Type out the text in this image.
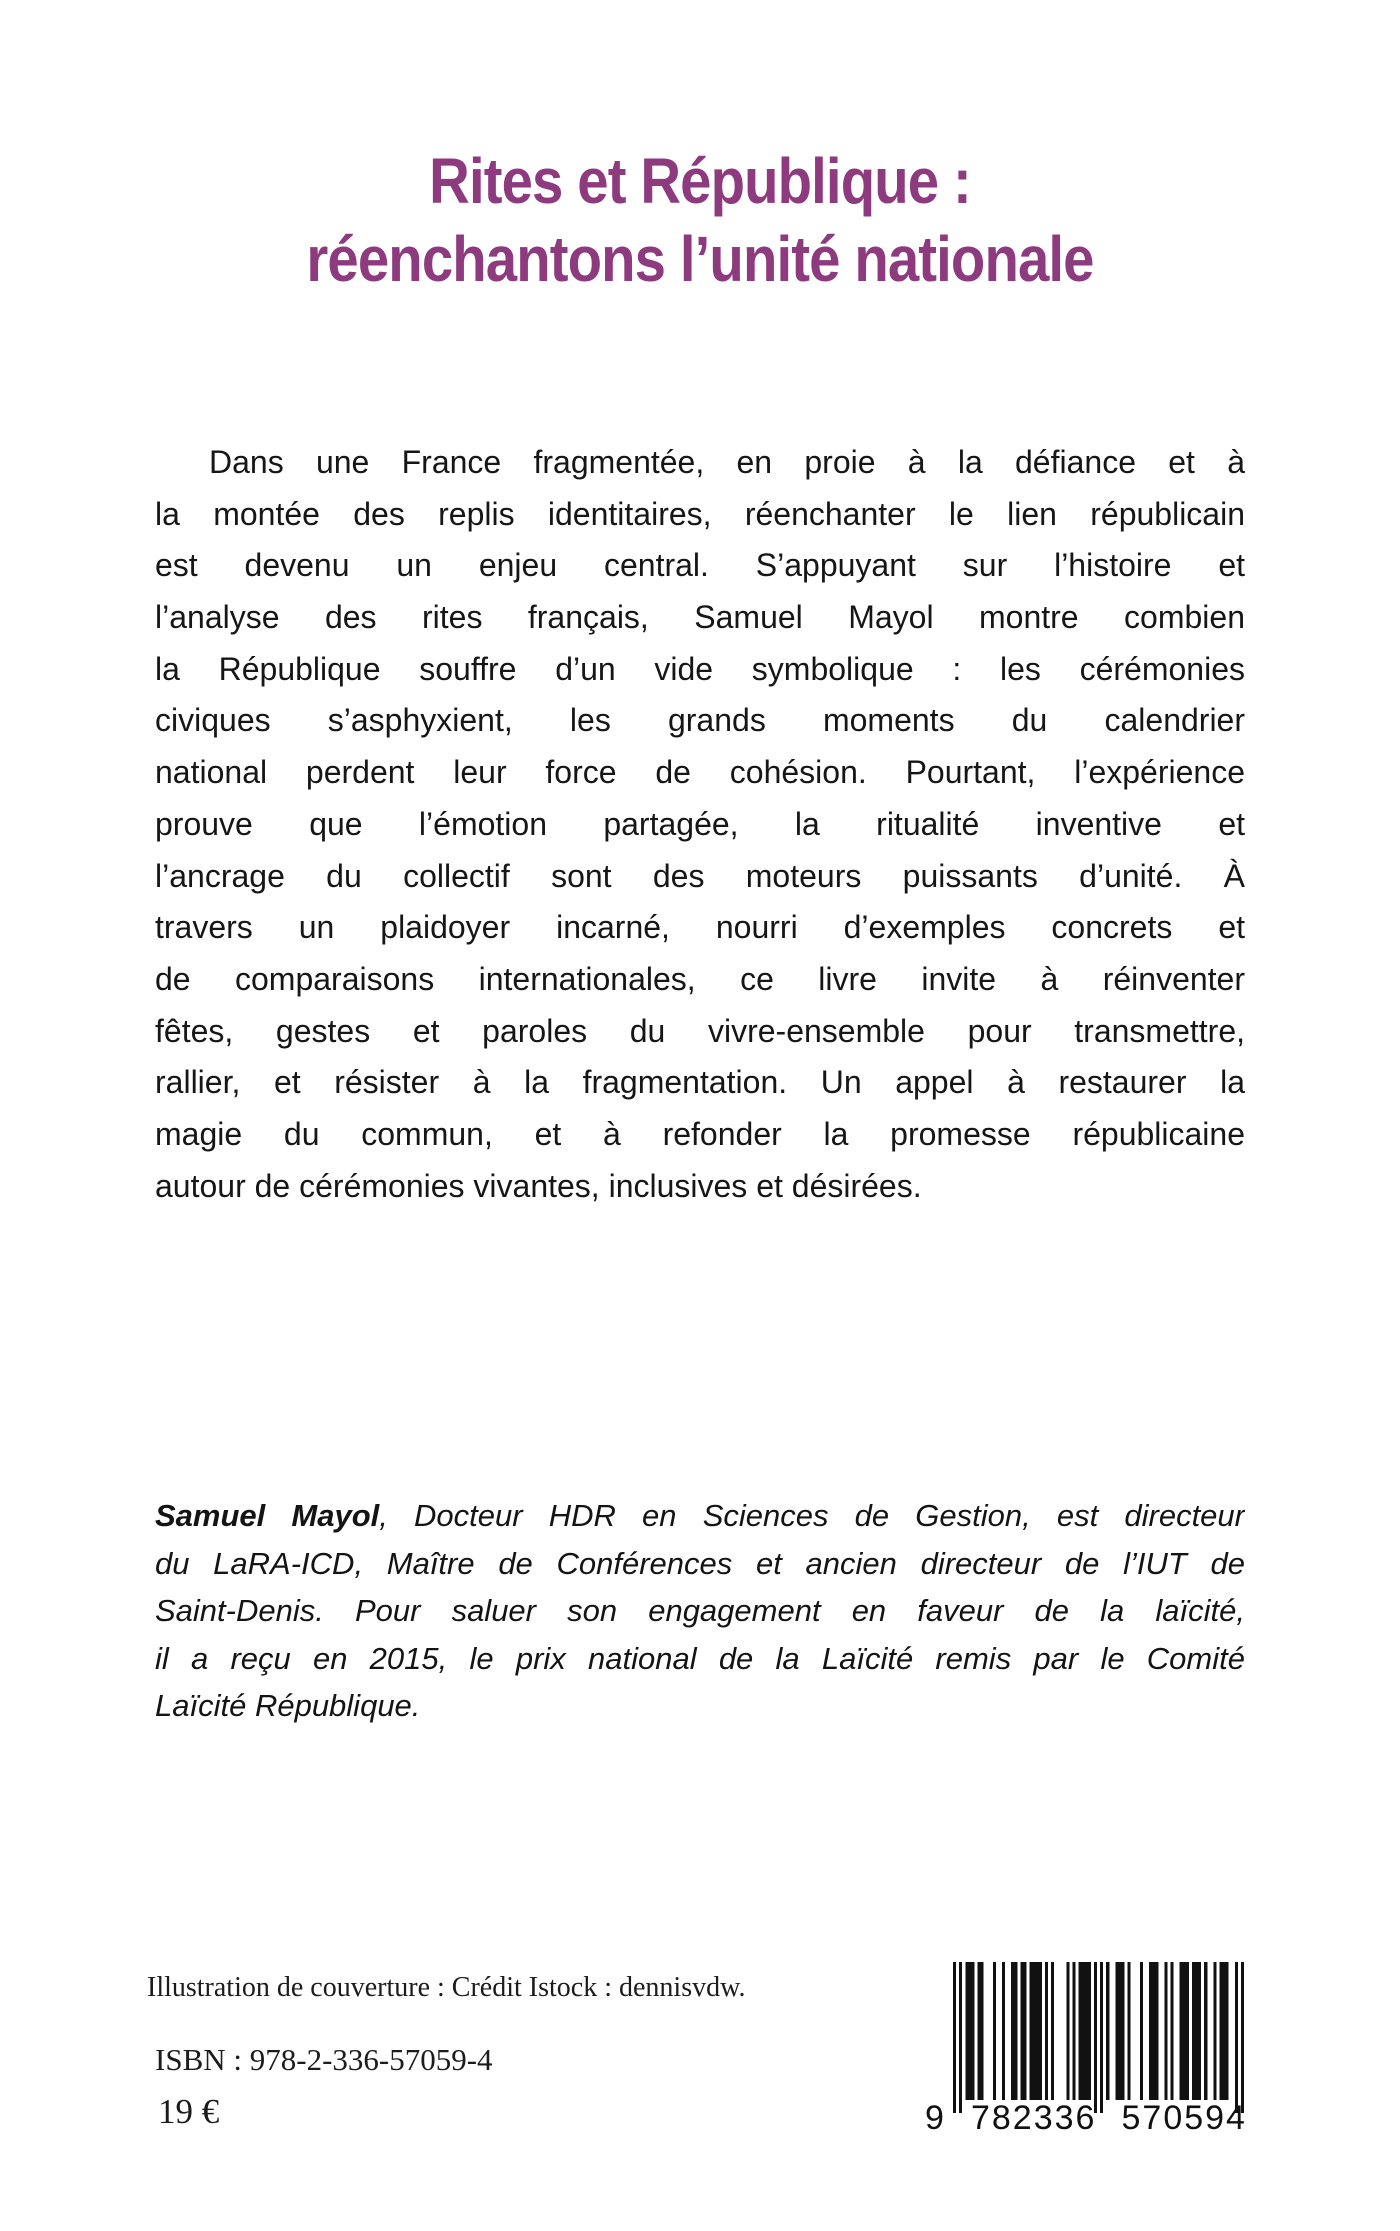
Rites et République :
réenchantons l’unité nationale
Dans une France fragmentée, en proie à la défiance et à
la montée des replis identitaires, réenchanter le lien républicain
est devenu un enjeu central. S’appuyant sur l’histoire et
l’analyse des rites français, Samuel Mayol montre combien
la République souffre d’un vide symbolique : les cérémonies
civiques s’asphyxient, les grands moments du calendrier
national perdent leur force de cohésion. Pourtant, l’expérience
prouve que l’émotion partagée, la ritualité inventive et
l’ancrage du collectif sont des moteurs puissants d’unité. À
travers un plaidoyer incarné, nourri d’exemples concrets et
de comparaisons internationales, ce livre invite à réinventer
fêtes, gestes et paroles du vivre-ensemble pour transmettre,
rallier, et résister à la fragmentation. Un appel à restaurer la
magie du commun, et à refonder la promesse républicaine
autour de cérémonies vivantes, inclusives et désirées.
Samuel Mayol, Docteur HDR en Sciences de Gestion, est directeur
du LaRA-ICD, Maître de Conférences et ancien directeur de l’IUT de
Saint-Denis. Pour saluer son engagement en faveur de la laïcité,
il a reçu en 2015, le prix national de la Laïcité remis par le Comité
Laïcité République.
Illustration de couverture : Crédit Istock : dennisvdw.
ISBN : 978-2-336-57059-4
19 €	9 782336 570594
